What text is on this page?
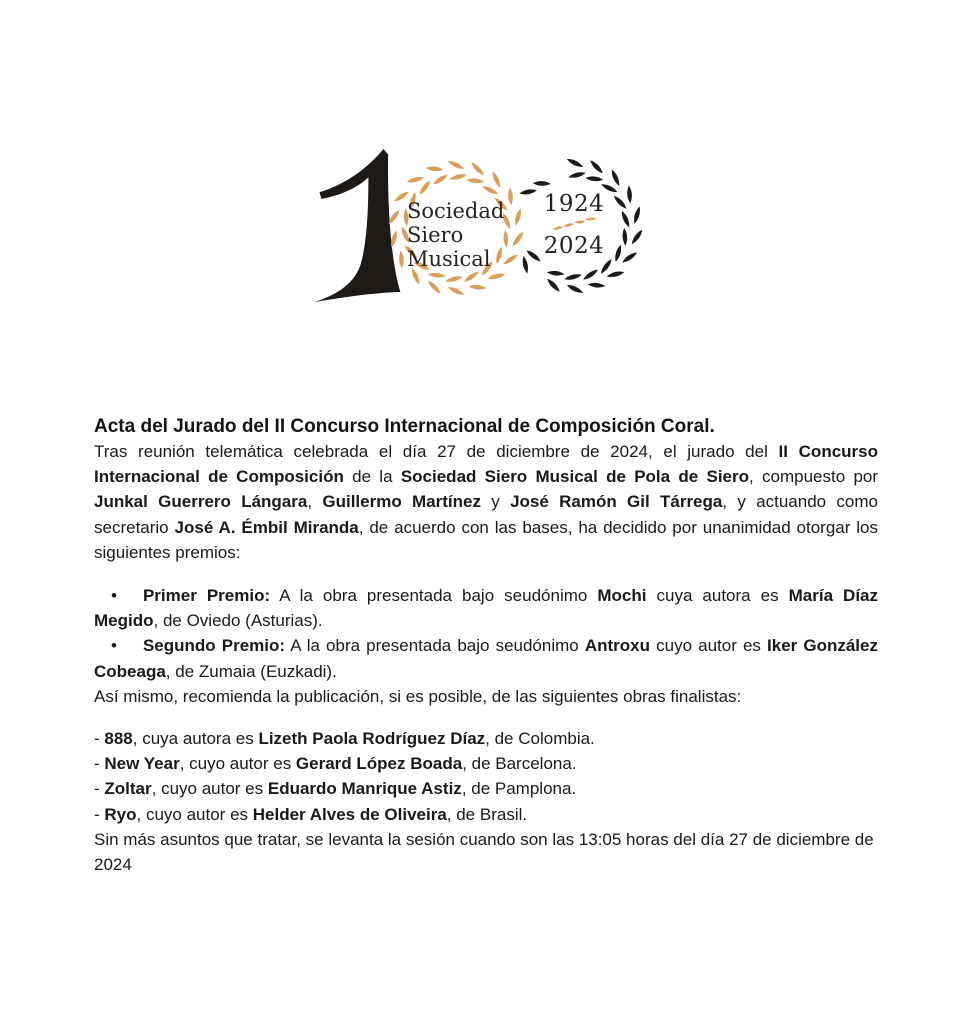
Sociedad
Siero
Musical
1924
2024
Acta del Jurado del II Concurso Internacional de Composición Coral.

Tras reunión telemática celebrada el día 27 de diciembre de 2024, el jurado del II Concurso Internacional de Composición de la Sociedad Siero Musical de Pola de Siero, compuesto por Junkal Guerrero Lángara, Guillermo Martínez y José Ramón Gil Tárrega, y actuando como secretario José A. Émbil Miranda, de acuerdo con las bases, ha decidido por unanimidad otorgar los siguientes premios:

• Primer Premio: A la obra presentada bajo seudónimo Mochi cuya autora es María Díaz Megido, de Oviedo (Asturias).

• Segundo Premio: A la obra presentada bajo seudónimo Antroxu cuyo autor es Iker González Cobeaga, de Zumaia (Euzkadi).

Así mismo, recomienda la publicación, si es posible, de las siguientes obras finalistas:

- 888, cuya autora es Lizeth Paola Rodríguez Díaz, de Colombia.

- New Year, cuyo autor es Gerard López Boada, de Barcelona.

- Zoltar, cuyo autor es Eduardo Manrique Astiz, de Pamplona.

- Ryo, cuyo autor es Helder Alves de Oliveira, de Brasil.

Sin más asuntos que tratar, se levanta la sesión cuando son las 13:05 horas del día 27 de diciembre de 2024
